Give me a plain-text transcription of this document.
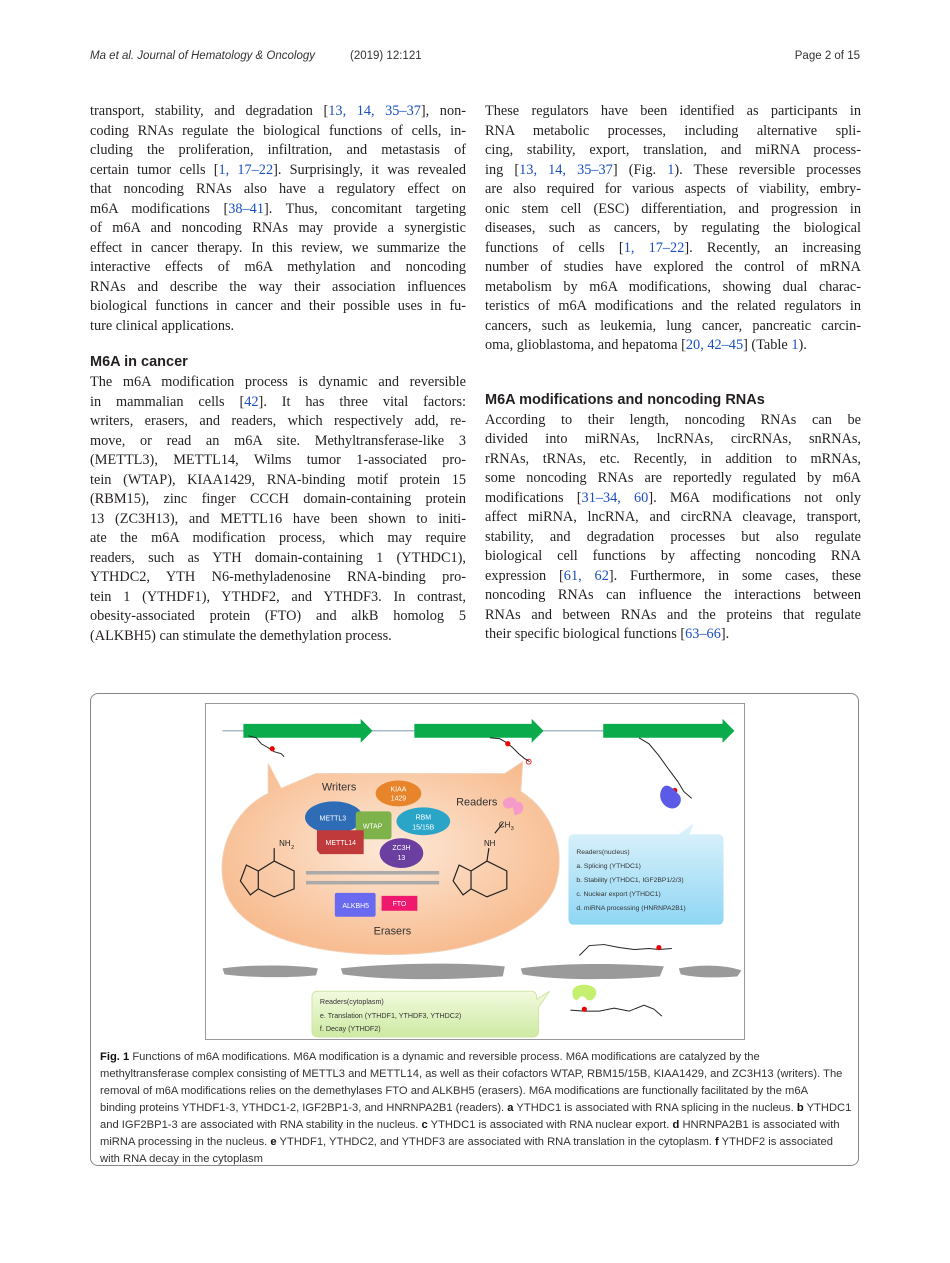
Ma et al. Journal of Hematology & Oncology	(2019) 12:121	Page 2 of 15
transport, stability, and degradation [13, 14, 35–37], non-
coding RNAs regulate the biological functions of cells, in-
cluding the proliferation, infiltration, and metastasis of
certain tumor cells [1, 17–22]. Surprisingly, it was revealed
that noncoding RNAs also have a regulatory effect on
m6A modifications [38–41]. Thus, concomitant targeting
of m6A and noncoding RNAs may provide a synergistic
effect in cancer therapy. In this review, we summarize the
interactive effects of m6A methylation and noncoding
RNAs and describe the way their association influences
biological functions in cancer and their possible uses in fu-
ture clinical applications.
M6A in cancer
The m6A modification process is dynamic and reversible
in mammalian cells [42]. It has three vital factors:
writers, erasers, and readers, which respectively add, re-
move, or read an m6A site. Methyltransferase-like 3
(METTL3), METTL14, Wilms tumor 1-associated pro-
tein (WTAP), KIAA1429, RNA-binding motif protein 15
(RBM15), zinc finger CCCH domain-containing protein
13 (ZC3H13), and METTL16 have been shown to initi-
ate the m6A modification process, which may require
readers, such as YTH domain-containing 1 (YTHDC1),
YTHDC2, YTH N6-methyladenosine RNA-binding pro-
tein 1 (YTHDF1), YTHDF2, and YTHDF3. In contrast,
obesity-associated protein (FTO) and alkB homolog 5
(ALKBH5) can stimulate the demethylation process.
These regulators have been identified as participants in
RNA metabolic processes, including alternative spli-
cing, stability, export, translation, and miRNA process-
ing [13, 14, 35–37] (Fig. 1). These reversible processes
are also required for various aspects of viability, embry-
onic stem cell (ESC) differentiation, and progression in
diseases, such as cancers, by regulating the biological
functions of cells [1, 17–22]. Recently, an increasing
number of studies have explored the control of mRNA
metabolism by m6A modifications, showing dual charac-
teristics of m6A modifications and the related regulators in
cancers, such as leukemia, lung cancer, pancreatic carcin-
oma, glioblastoma, and hepatoma [20, 42–45] (Table 1).
M6A modifications and noncoding RNAs
According to their length, noncoding RNAs can be
divided into miRNAs, lncRNAs, circRNAs, snRNAs,
rRNAs, tRNAs, etc. Recently, in addition to mRNAs,
some noncoding RNAs are reportedly regulated by m6A
modifications [31–34, 60]. M6A modifications not only
affect miRNA, lncRNA, and circRNA cleavage, transport,
stability, and degradation processes but also regulate
biological cell functions by affecting noncoding RNA
expression [61, 62]. Furthermore, in some cases, these
noncoding RNAs can influence the interactions between
RNAs and between RNAs and the proteins that regulate
their specific biological functions [63–66].
Writers
Readers
Erasers
KIAA
1429
METTL3	RBM
15/15B
WTAP
METTL14
ZC3H
13
NH 2	NH
CH 3
ALKBH5	FTO
Readers(nucleus)
a. Splicing (YTHDC1)
b. Stability (YTHDC1, IGF2BP1/2/3)
c. Nuclear export (YTHDC1)
d. miRNA processing (HNRNPA2B1)
Readers(cytoplasm)
e. Translation (YTHDF1, YTHDF3, YTHDC2)
f. Decay (YTHDF2)
Fig. 1 Functions of m6A modifications. M6A modification is a dynamic and reversible process. M6A modifications are catalyzed by the
methyltransferase complex consisting of METTL3 and METTL14, as well as their cofactors WTAP, RBM15/15B, KIAA1429, and ZC3H13 (writers). The
removal of m6A modifications relies on the demethylases FTO and ALKBH5 (erasers). M6A modifications are functionally facilitated by the m6A
binding proteins YTHDF1-3, YTHDC1-2, IGF2BP1-3, and HNRNPA2B1 (readers). a YTHDC1 is associated with RNA splicing in the nucleus. b YTHDC1
and IGF2BP1-3 are associated with RNA stability in the nucleus. c YTHDC1 is associated with RNA nuclear export. d HNRNPA2B1 is associated with
miRNA processing in the nucleus. e YTHDF1, YTHDC2, and YTHDF3 are associated with RNA translation in the cytoplasm. f YTHDF2 is associated
with RNA decay in the cytoplasm
